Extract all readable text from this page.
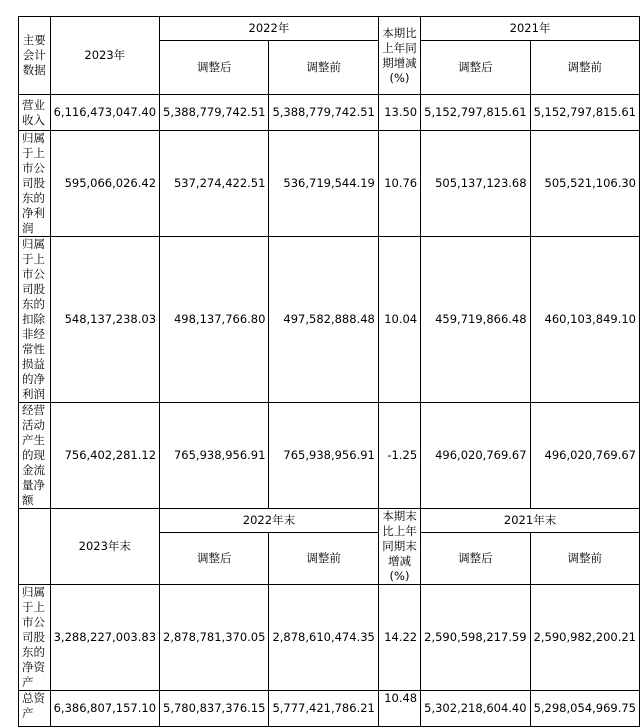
主要会计数据	2023年	2022年		本期比上年同期增减(%)	2021年	
		调整后	调整前		调整后	调整前
营业收入	6,116,473,047.40	5,388,779,742.51	5,388,779,742.51	13.50	5,152,797,815.61	5,152,797,815.61
归属于上市公司股东的净利润	595,066,026.42	537,274,422.51	536,719,544.19	10.76	505,137,123.68	505,521,106.30
归属于上市公司股东的扣除非经常性损益的净利润	548,137,238.03	498,137,766.80	497,582,888.48	10.04	459,719,866.48	460,103,849.10
经营活动产生的现金流量净额	756,402,281.12	765,938,956.91	765,938,956.91	-1.25	496,020,769.67	496,020,769.67
	2023年末	2022年末		本期末比上年同期末增减(%)	2021年末	
		调整后	调整前		调整后	调整前
归属于上市公司股东的净资产	3,288,227,003.83	2,878,781,370.05	2,878,610,474.35	14.22	2,590,598,217.59	2,590,982,200.21
总资产	6,386,807,157.10	5,780,837,376.15	5,777,421,786.21	10.48	5,302,218,604.40	5,298,054,969.75
